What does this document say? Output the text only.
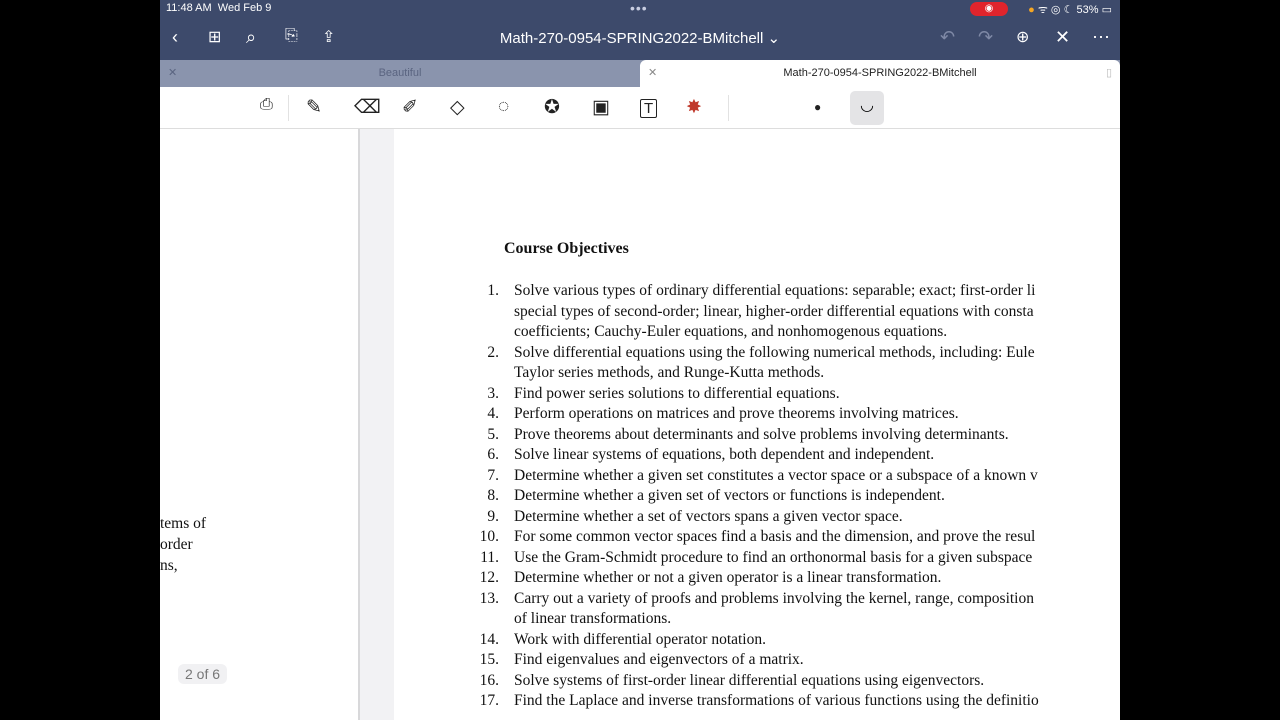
11:48 AM Wed Feb 9	•••	◉	● ᯤ ◎ ☾ 53% ▭
‹ ⊞ ⌕ ⎘ ⇪	Math-270-0954-SPRING2022-BMitchell ⌄	↶ ↷ ⊕ ✕ ⋯
✕	Beautiful	✕	Math-270-0954-SPRING2022-BMitchell	▯
⎙ ✎ ⌫ ✐ ◇ ◌ ✪ ▣ T ✸	●	◡
tems of
order
ns,
2 of 6
Course Objectives
1. Solve various types of ordinary differential equations: separable; exact; first-order li
special types of second-order; linear, higher-order differential equations with consta
coefficients; Cauchy-Euler equations, and nonhomogenous equations.
2. Solve differential equations using the following numerical methods, including: Eule
Taylor series methods, and Runge-Kutta methods.
3. Find power series solutions to differential equations.
4. Perform operations on matrices and prove theorems involving matrices.
5. Prove theorems about determinants and solve problems involving determinants.
6. Solve linear systems of equations, both dependent and independent.
7. Determine whether a given set constitutes a vector space or a subspace of a known v
8. Determine whether a given set of vectors or functions is independent.
9. Determine whether a set of vectors spans a given vector space.
10. For some common vector spaces find a basis and the dimension, and prove the resul
11. Use the Gram-Schmidt procedure to find an orthonormal basis for a given subspace
12. Determine whether or not a given operator is a linear transformation.
13. Carry out a variety of proofs and problems involving the kernel, range, composition
of linear transformations.
14. Work with differential operator notation.
15. Find eigenvalues and eigenvectors of a matrix.
16. Solve systems of first-order linear differential equations using eigenvectors.
17. Find the Laplace and inverse transformations of various functions using the definitio
